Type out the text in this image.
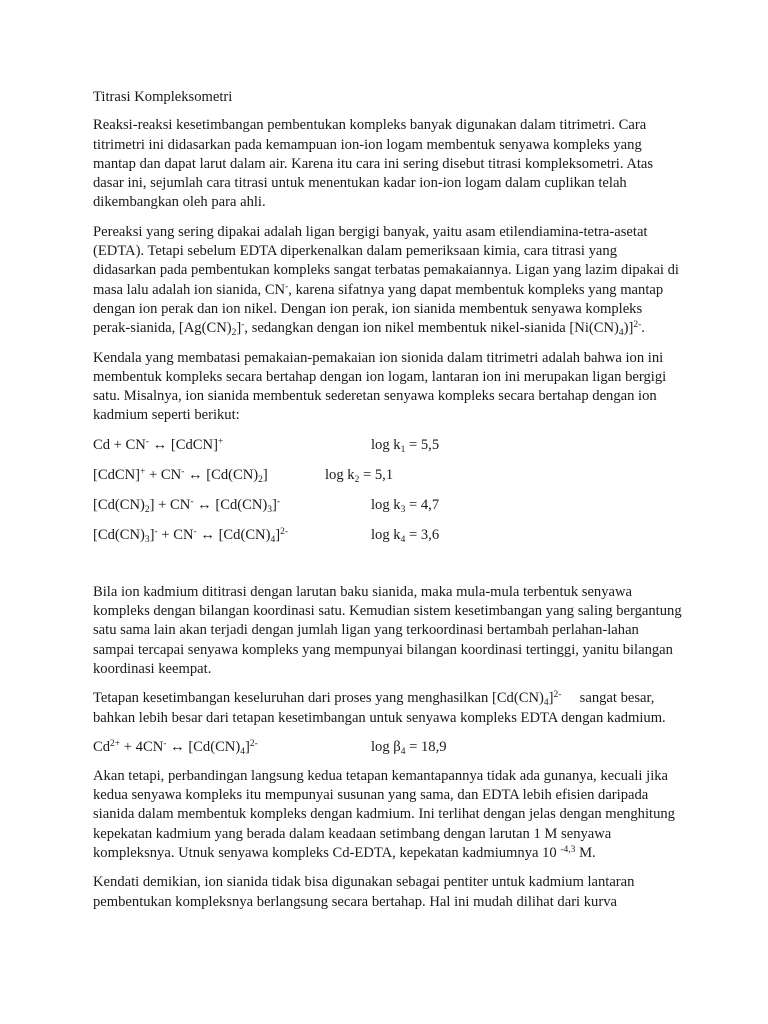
Titrasi Kompleksometri

Reaksi-reaksi kesetimbangan pembentukan kompleks banyak digunakan dalam titrimetri. Cara titrimetri ini didasarkan pada kemampuan ion-ion logam membentuk senyawa kompleks yang mantap dan dapat larut dalam air. Karena itu cara ini sering disebut titrasi kompleksometri. Atas dasar ini, sejumlah cara titrasi untuk menentukan kadar ion-ion logam dalam cuplikan telah dikembangkan oleh para ahli.

Pereaksi yang sering dipakai adalah ligan bergigi banyak, yaitu asam etilendiamina-tetra-asetat (EDTA). Tetapi sebelum EDTA diperkenalkan dalam pemeriksaan kimia, cara titrasi yang didasarkan pada pembentukan kompleks sangat terbatas pemakaiannya. Ligan yang lazim dipakai di masa lalu adalah ion sianida, CN-, karena sifatnya yang dapat membentuk kompleks yang mantap dengan ion perak dan ion nikel. Dengan ion perak, ion sianida membentuk senyawa kompleks perak-sianida, $[Ag(CN)_2]^-$, sedangkan dengan ion nikel membentuk nikel-sianida $[Ni(CN)_4)]^{2-}$.

Kendala yang membatasi pemakaian-pemakaian ion sionida dalam titrimetri adalah bahwa ion ini membentuk kompleks secara bertahap dengan ion logam, lantaran ion ini merupakan ligan bergigi satu. Misalnya, ion sianida membentuk sederetan senyawa kompleks secara bertahap dengan ion kadmium seperti berikut:

Cd + CN- ↔ [CdCN]+	$\log k_1 = 5,5$
[CdCN]+ + CN- ↔ $[Cd(CN)_2]$	$\log k_2 = 5,1$
$[Cd(CN)_2] + CN^-$ ↔ $[Cd(CN)_3]^-$	$\log k_3 = 4,7$
$[Cd(CN)_3]^- + CN^-$ ↔ $[Cd(CN)_4]^{2-}$	$\log k_4 = 3,6$

Bila ion kadmium dititrasi dengan larutan baku sianida, maka mula-mula terbentuk senyawa kompleks dengan bilangan koordinasi satu. Kemudian sistem kesetimbangan yang saling bergantung satu sama lain akan terjadi dengan jumlah ligan yang terkoordinasi bertambah perlahan-lahan sampai tercapai senyawa kompleks yang mempunyai bilangan koordinasi tertinggi, yanitu bilangan koordinasi keempat.

Tetapan kesetimbangan keseluruhan dari proses yang menghasilkan $[Cd(CN)_4]^{2-}$ sangat besar, bahkan lebih besar dari tetapan kesetimbangan untuk senyawa kompleks EDTA dengan kadmium.

$Cd^{2+} + 4CN^-$ ↔ $[Cd(CN)_4]^{2-}$	$\log \beta_4 = 18,9$

Akan tetapi, perbandingan langsung kedua tetapan kemantapannya tidak ada gunanya, kecuali jika kedua senyawa kompleks itu mempunyai susunan yang sama, dan EDTA lebih efisien daripada sianida dalam membentuk kompleks dengan kadmium. Ini terlihat dengan jelas dengan menghitung kepekatan kadmium yang berada dalam keadaan setimbang dengan larutan 1 M senyawa kompleksnya. Utnuk senyawa kompleks Cd-EDTA, kepekatan kadmiumnya 10 $^{-4,3}$ M.

Kendati demikian, ion sianida tidak bisa digunakan sebagai pentiter untuk kadmium lantaran pembentukan kompleksnya berlangsung secara bertahap. Hal ini mudah dilihat dari kurva
